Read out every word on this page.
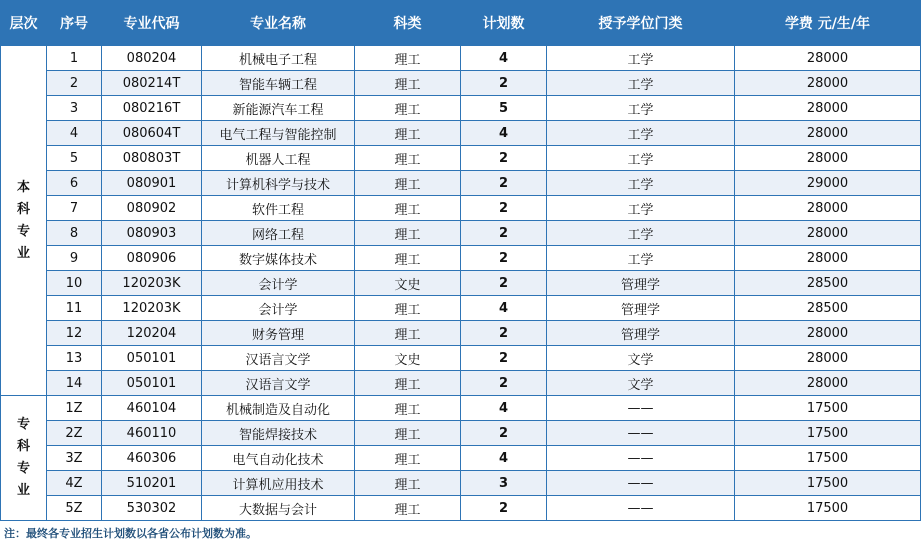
层次	序号	专业代码	专业名称	科类	计划数	授予学位门类	学费 元/生/年
本
科
专
业	1	080204	机械电子工程	理工	4	工学	28000
	2	080214T	智能车辆工程	理工	2	工学	28000
	3	080216T	新能源汽车工程	理工	5	工学	28000
	4	080604T	电气工程与智能控制	理工	4	工学	28000
	5	080803T	机器人工程	理工	2	工学	28000
	6	080901	计算机科学与技术	理工	2	工学	29000
	7	080902	软件工程	理工	2	工学	28000
	8	080903	网络工程	理工	2	工学	28000
	9	080906	数字媒体技术	理工	2	工学	28000
	10	120203K	会计学	文史	2	管理学	28500
	11	120203K	会计学	理工	4	管理学	28500
	12	120204	财务管理	理工	2	管理学	28000
	13	050101	汉语言文学	文史	2	文学	28000
	14	050101	汉语言文学	理工	2	文学	28000
专
科
专
业	1Z	460104	机械制造及自动化	理工	4	——	17500
	2Z	460110	智能焊接技术	理工	2	——	17500
	3Z	460306	电气自动化技术	理工	4	——	17500
	4Z	510201	计算机应用技术	理工	3	——	17500
	5Z	530302	大数据与会计	理工	2	——	17500
注：最终各专业招生计划数以各省公布计划数为准。
